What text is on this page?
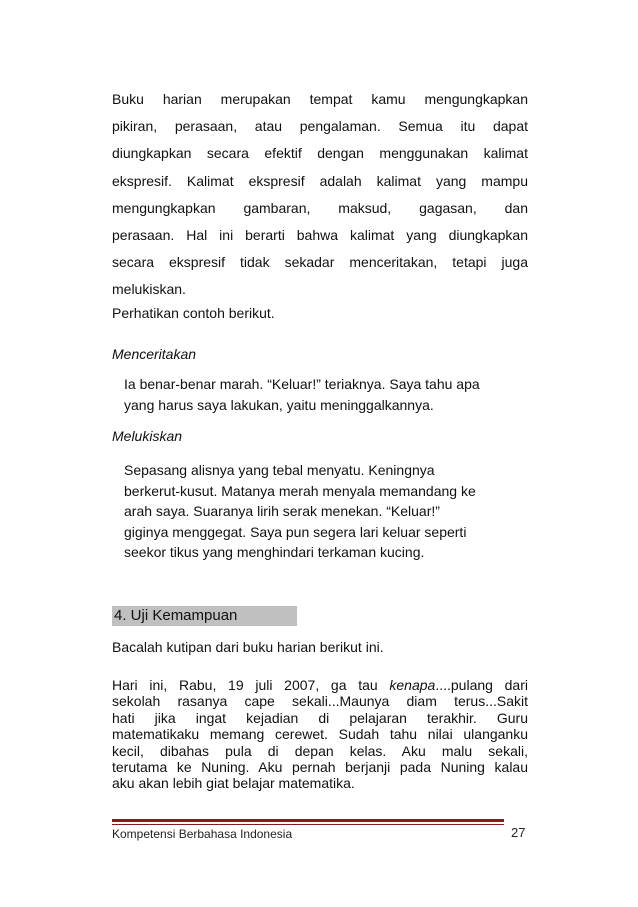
Buku harian merupakan tempat kamu mengungkapkan
pikiran, perasaan, atau pengalaman. Semua itu dapat
diungkapkan secara efektif dengan menggunakan kalimat
ekspresif. Kalimat ekspresif adalah kalimat yang mampu
mengungkapkan gambaran, maksud, gagasan, dan
perasaan. Hal ini berarti bahwa kalimat yang diungkapkan
secara ekspresif tidak sekadar menceritakan, tetapi juga
melukiskan.
Perhatikan contoh berikut.
Menceritakan
Ia benar-benar marah. “Keluar!” teriaknya. Saya tahu apa
yang harus saya lakukan, yaitu meninggalkannya.
Melukiskan
Sepasang alisnya yang tebal menyatu. Keningnya
berkerut-kusut. Matanya merah menyala memandang ke
arah saya. Suaranya lirih serak menekan. “Keluar!”
giginya menggegat. Saya pun segera lari keluar seperti
seekor tikus yang menghindari terkaman kucing.
4. Uji Kemampuan
Bacalah kutipan dari buku harian berikut ini.
Hari ini, Rabu, 19 juli 2007, ga tau kenapa....pulang dari
sekolah rasanya cape sekali...Maunya diam terus...Sakit
hati jika ingat kejadian di pelajaran terakhir. Guru
matematikaku memang cerewet. Sudah tahu nilai ulanganku
kecil, dibahas pula di depan kelas. Aku malu sekali,
terutama ke Nuning. Aku pernah berjanji pada Nuning kalau
aku akan lebih giat belajar matematika.
Kompetensi Berbahasa Indonesia	27
